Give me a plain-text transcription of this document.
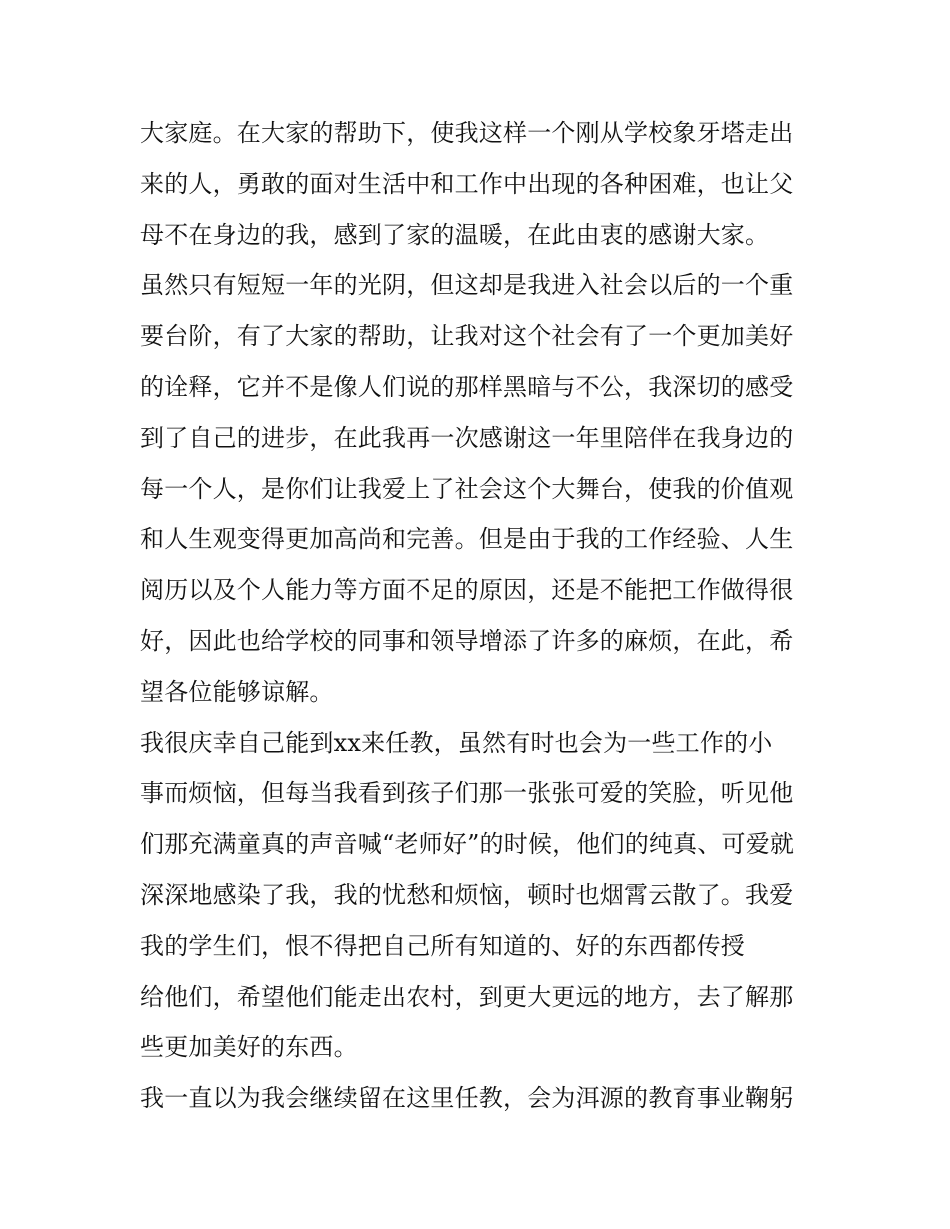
大家庭。在大家的帮助下，使我这样一个刚从学校象牙塔走出
来的人，勇敢的面对生活中和工作中出现的各种困难，也让父
母不在身边的我，感到了家的温暖，在此由衷的感谢大家。
虽然只有短短一年的光阴，但这却是我进入社会以后的一个重
要台阶，有了大家的帮助，让我对这个社会有了一个更加美好
的诠释，它并不是像人们说的那样黑暗与不公，我深切的感受
到了自己的进步，在此我再一次感谢这一年里陪伴在我身边的
每一个人，是你们让我爱上了社会这个大舞台，使我的价值观
和人生观变得更加高尚和完善。但是由于我的工作经验、人生
阅历以及个人能力等方面不足的原因，还是不能把工作做得很
好，因此也给学校的同事和领导增添了许多的麻烦，在此，希
望各位能够谅解。
我很庆幸自己能到xx来任教，虽然有时也会为一些工作的小
事而烦恼，但每当我看到孩子们那一张张可爱的笑脸，听见他
们那充满童真的声音喊“老师好”的时候，他们的纯真、可爱就
深深地感染了我，我的忧愁和烦恼，顿时也烟霄云散了。我爱
我的学生们，恨不得把自己所有知道的、好的东西都传授
给他们，希望他们能走出农村，到更大更远的地方，去了解那
些更加美好的东西。
我一直以为我会继续留在这里任教，会为洱源的教育事业鞠躬
